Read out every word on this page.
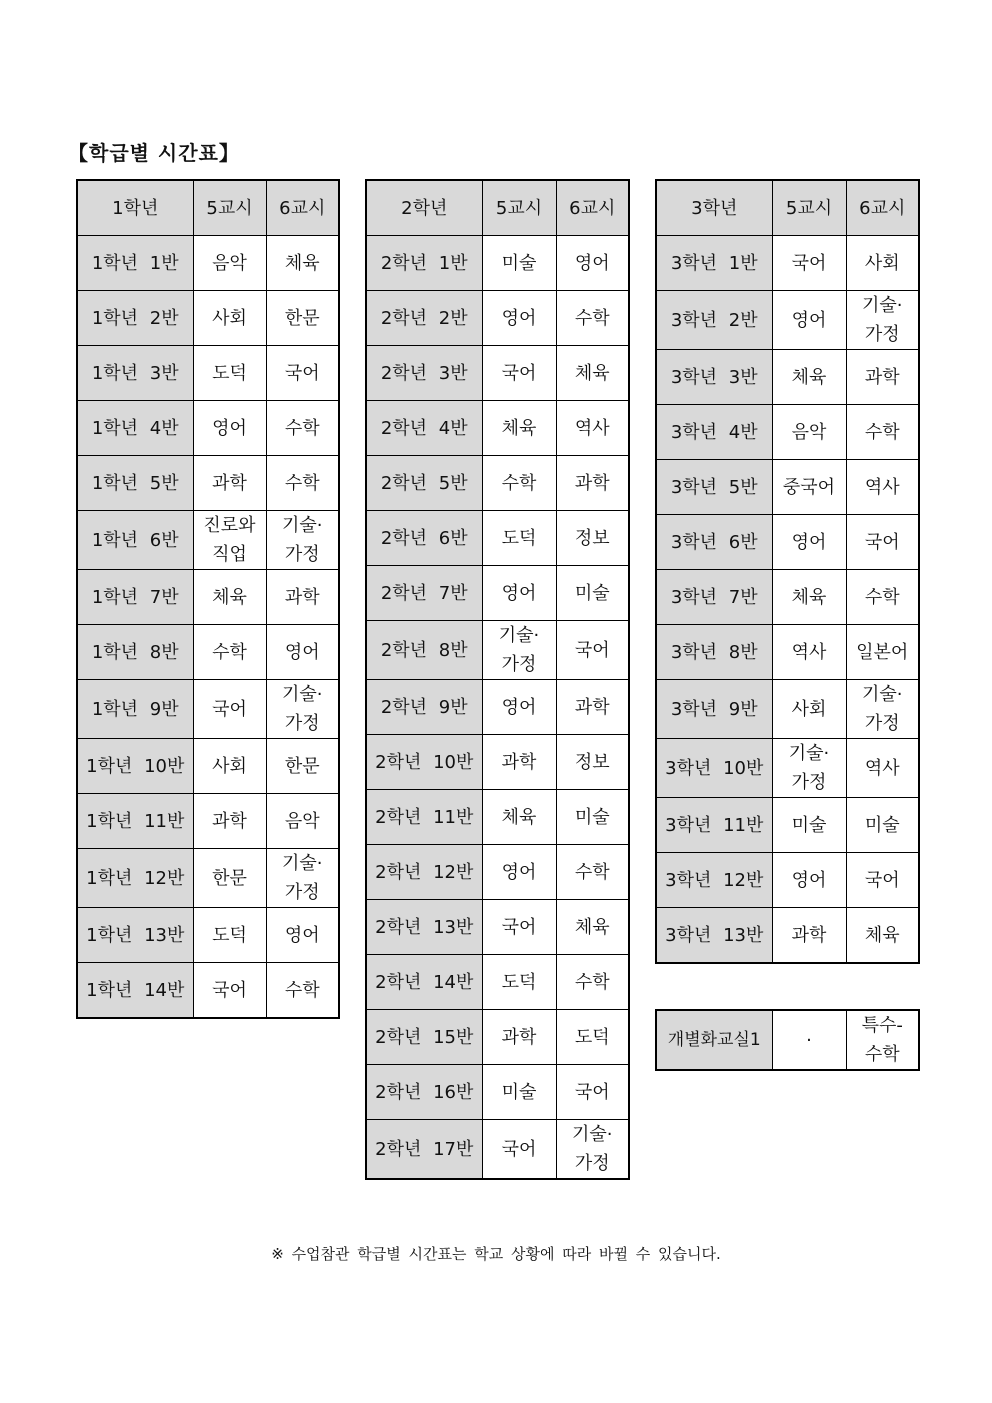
【학급별 시간표】
1학년	5교시	6교시
1학년 1반	음악	체육
1학년 2반	사회	한문
1학년 3반	도덕	국어
1학년 4반	영어	수학
1학년 5반	과학	수학
1학년 6반	진로와
직업	기술·
가정
1학년 7반	체육	과학
1학년 8반	수학	영어
1학년 9반	국어	기술·
가정
1학년 10반	사회	한문
1학년 11반	과학	음악
1학년 12반	한문	기술·
가정
1학년 13반	도덕	영어
1학년 14반	국어	수학
2학년	5교시	6교시
2학년 1반	미술	영어
2학년 2반	영어	수학
2학년 3반	국어	체육
2학년 4반	체육	역사
2학년 5반	수학	과학
2학년 6반	도덕	정보
2학년 7반	영어	미술
2학년 8반	기술·
가정	국어
2학년 9반	영어	과학
2학년 10반	과학	정보
2학년 11반	체육	미술
2학년 12반	영어	수학
2학년 13반	국어	체육
2학년 14반	도덕	수학
2학년 15반	과학	도덕
2학년 16반	미술	국어
2학년 17반	국어	기술·
가정
3학년	5교시	6교시
3학년 1반	국어	사회
3학년 2반	영어	기술·
가정
3학년 3반	체육	과학
3학년 4반	음악	수학
3학년 5반	중국어	역사
3학년 6반	영어	국어
3학년 7반	체육	수학
3학년 8반	역사	일본어
3학년 9반	사회	기술·
가정
3학년 10반	기술·
가정	역사
3학년 11반	미술	미술
3학년 12반	영어	국어
3학년 13반	과학	체육
개별화교실1	·	특수-
수학
※ 수업참관 학급별 시간표는 학교 상황에 따라 바뀔 수 있습니다.
